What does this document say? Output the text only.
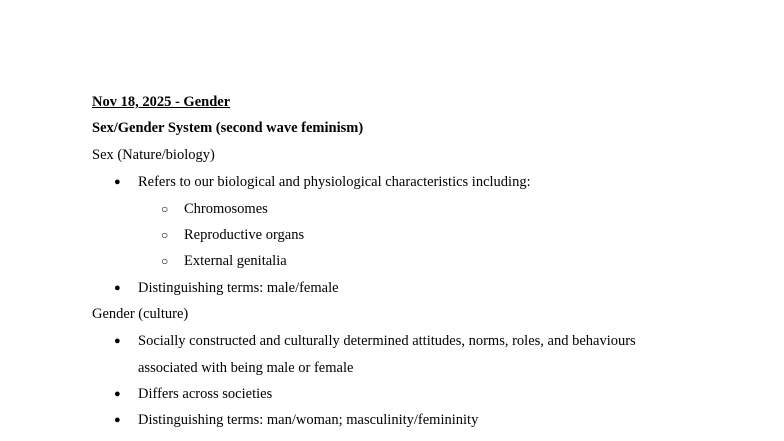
Nov 18, 2025 - Gender
Sex/Gender System (second wave feminism)
Sex (Nature/biology)
● Refers to our biological and physiological characteristics including:
○ Chromosomes
○ Reproductive organs
○ External genitalia
● Distinguishing terms: male/female
Gender (culture)
● Socially constructed and culturally determined attitudes, norms, roles, and behaviours
associated with being male or female
● Differs across societies
● Distinguishing terms: man/woman; masculinity/femininity
